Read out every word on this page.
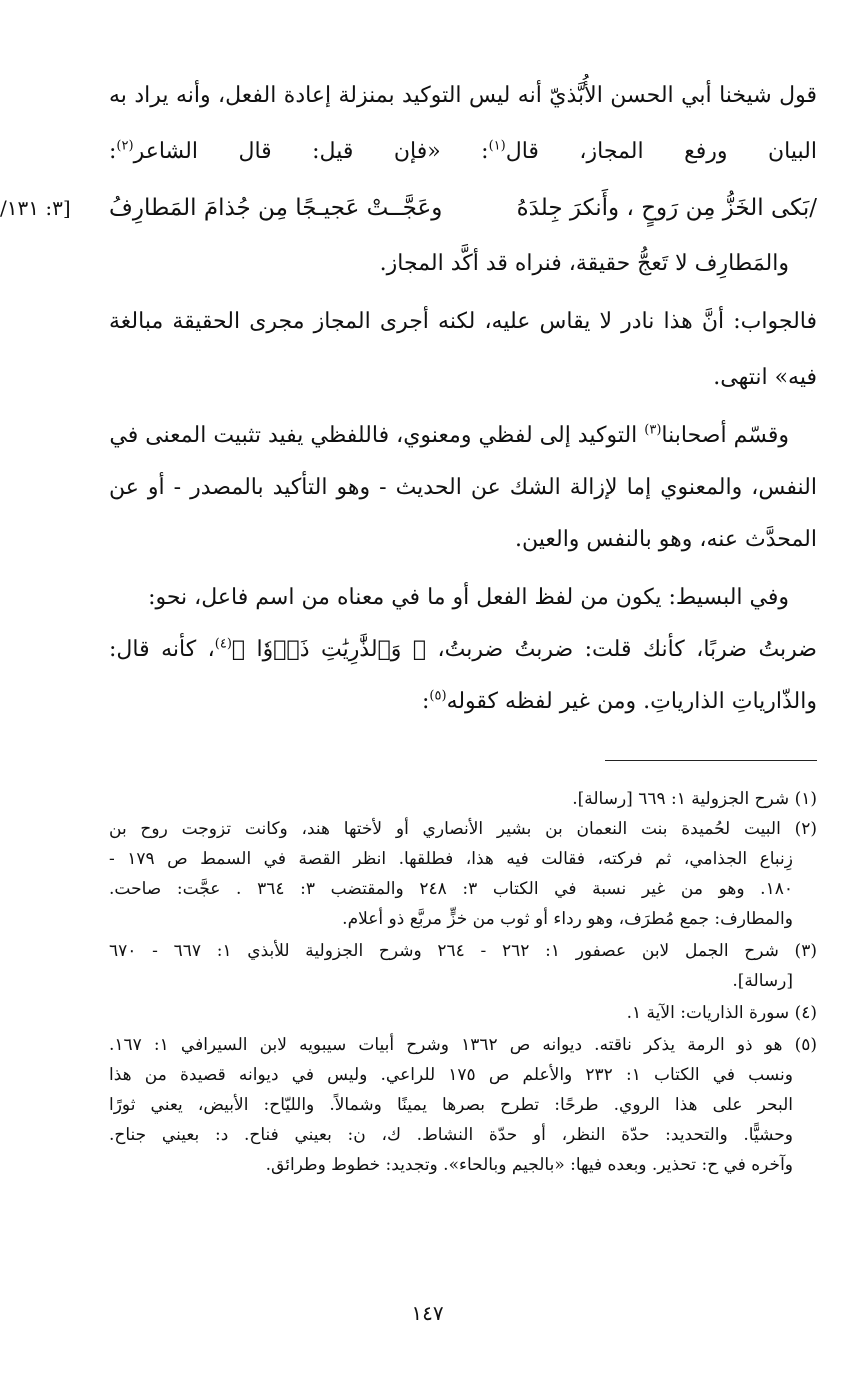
قول شيخنا أبي الحسن الأُبَّذيّ أنه ليس التوكيد بمنزلة إعادة الفعل، وأنه يراد به
البيان ورفع المجاز، قال$^{(١)}$: «فإن قيل: قال الشاعر$^{(٢)}$:
والمَطارِف لا تَعجُّ حقيقة، فنراه قد أكَّد المجاز.
فالجواب: أنَّ هذا نادر لا يقاس عليه، لكنه أجرى المجاز مجرى الحقيقة مبالغة
فيه» انتهى.
وقسّم أصحابنا$^{(٣)}$ التوكيد إلى لفظي ومعنوي، فاللفظي يفيد تثبيت المعنى في
النفس، والمعنوي إما لإزالة الشك عن الحديث - وهو التأكيد بالمصدر - أو عن
المحدَّث عنه، وهو بالنفس والعين.
وفي البسيط: يكون من لفظ الفعل أو ما في معناه من اسم فاعل، نحو:
ضربتُ ضربًا، كأنك قلت: ضربتُ ضربتُ، ﴿ وَٱلذَّٰرِيَٰتِ ذَرۡوٗا ﴾$^{(٤)}$، كأنه قال:
والذّارياتِ الذارياتِ. ومن غير لفظه كقوله$^{(٥)}$:
/بَكى الخَزُّ مِن رَوحٍ ، وأَنكرَ جِلدَهُ
وعَجَّــتْ عَجيـجًا مِن جُذامَ المَطارِفُ
[٣: ١٣١/
(١) شرح الجزولية ١: ٦٦٩ [رسالة].
(٢) البيت لحُميدة بنت النعمان بن بشير الأنصاري أو لأختها هند، وكانت تزوجت روح بن
زِنباع الجذامي، ثم فركته، فقالت فيه هذا، فطلقها. انظر القصة في السمط ص ١٧٩ -
١٨٠. وهو من غير نسبة في الكتاب ٣: ٢٤٨ والمقتضب ٣: ٣٦٤ . عجَّت: صاحت.
والمطارف: جمع مُطرَف، وهو رداء أو ثوب من خزٍّ مربَّع ذو أعلام.
(٣) شرح الجمل لابن عصفور ١: ٢٦٢ - ٢٦٤ وشرح الجزولية للأبذي ١: ٦٦٧ - ٦٧٠
[رسالة].
(٤) سورة الذاريات: الآية ١.
(٥) هو ذو الرمة يذكر ناقته. ديوانه ص ١٣٦٢ وشرح أبيات سيبويه لابن السيرافي ١: ١٦٧.
ونسب في الكتاب ١: ٢٣٢ والأعلم ص ١٧٥ للراعي. وليس في ديوانه قصيدة من هذا
البحر على هذا الروي. طرحًا: تطرح بصرها يمينًا وشمالاً. والليّاح: الأبيض، يعني ثورًا
وحشيًّا. والتحديد: حدّة النظر، أو حدّة النشاط. ك، ن: بعيني فناح. د: بعيني جناح.
وآخره في ح: تحذير. وبعده فيها: «بالجيم وبالحاء». وتجديد: خطوط وطرائق.
١٤٧
